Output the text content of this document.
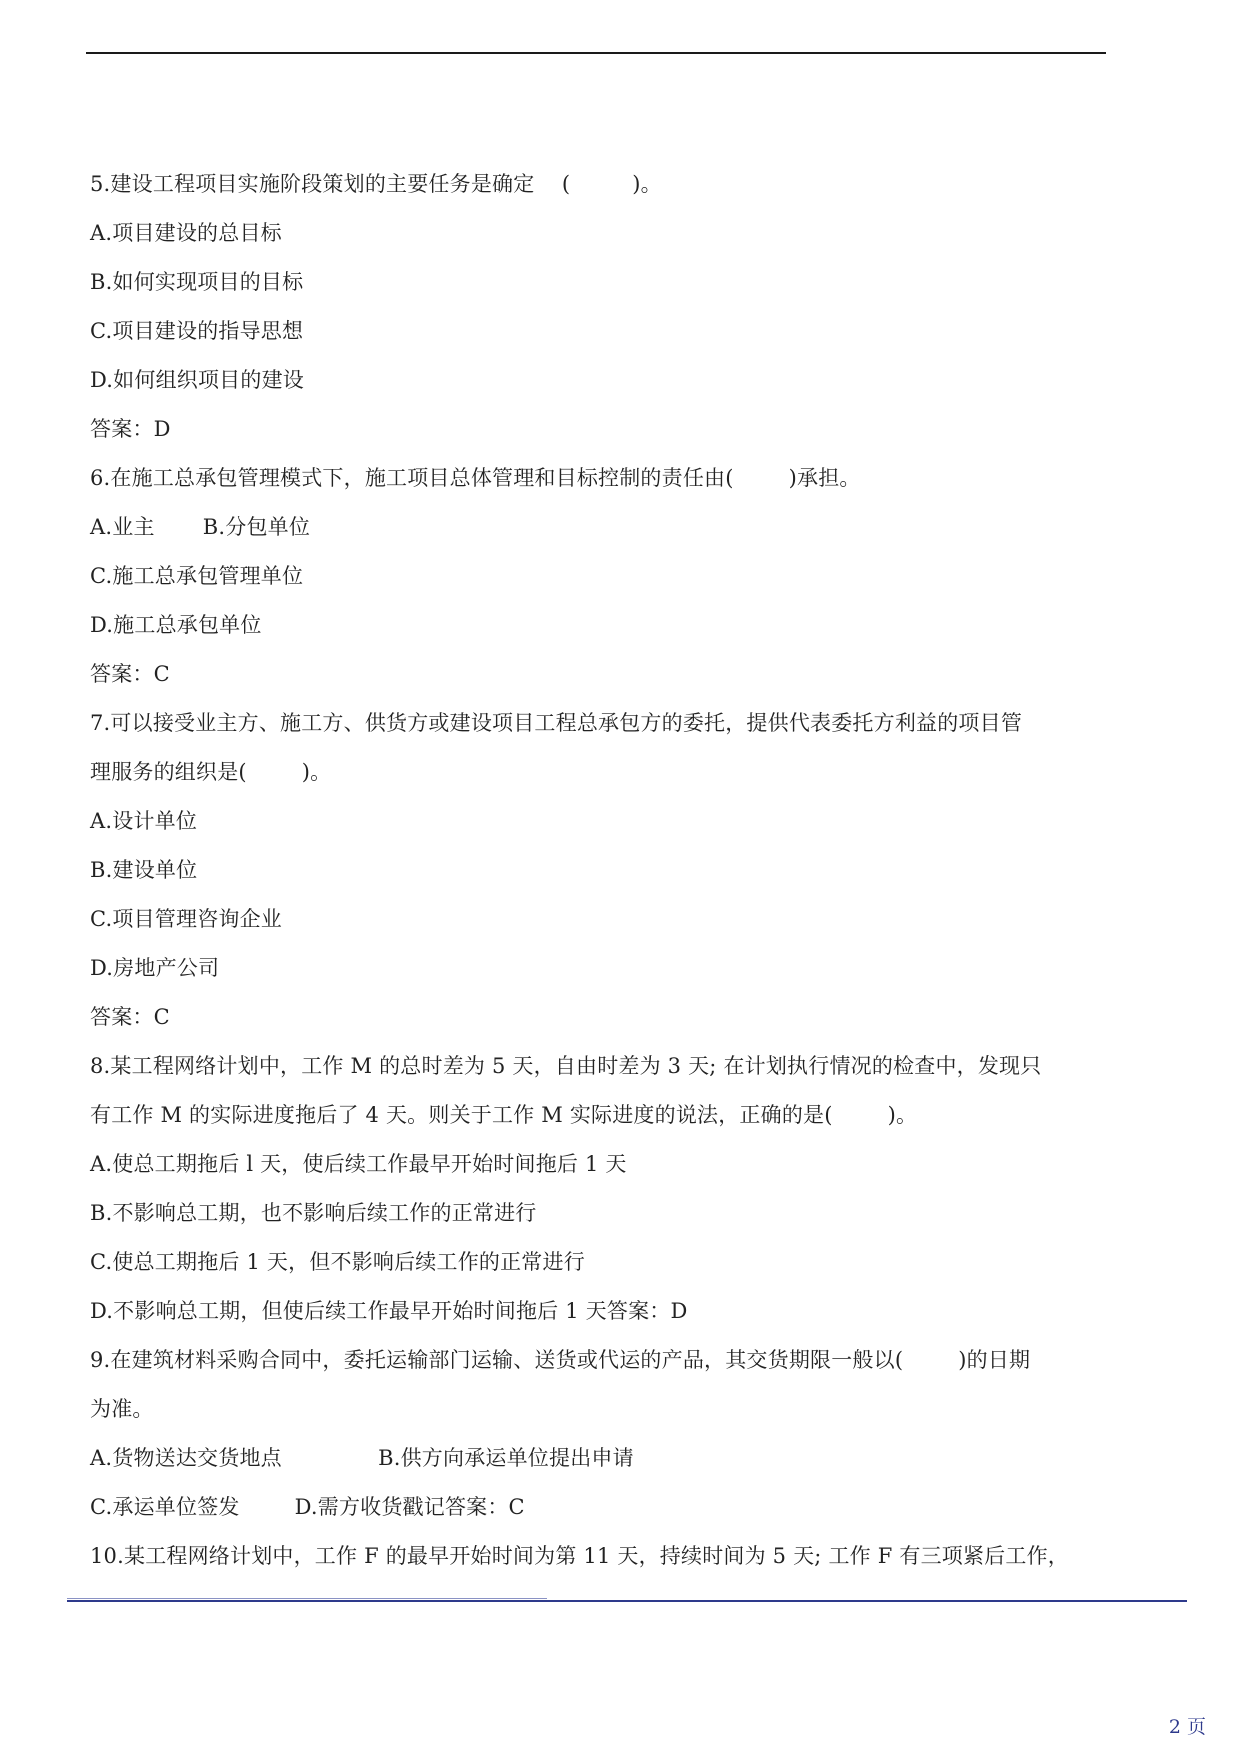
5.建设工程项目实施阶段策划的主要任务是确定    (         )。
A.项目建设的总目标
B.如何实现项目的目标
C.项目建设的指导思想
D.如何组织项目的建设
答案：D
6.在施工总承包管理模式下，施工项目总体管理和目标控制的责任由(        )承担。
A.业主       B.分包单位
C.施工总承包管理单位
D.施工总承包单位
答案：C
7.可以接受业主方、施工方、供货方或建设项目工程总承包方的委托，提供代表委托方利益的项目管
理服务的组织是(        )。
A.设计单位
B.建设单位
C.项目管理咨询企业
D.房地产公司
答案：C
8.某工程网络计划中，工作 M 的总时差为 5 天，自由时差为 3 天; 在计划执行情况的检查中，发现只
有工作 M 的实际进度拖后了 4 天。则关于工作 M 实际进度的说法，正确的是(        )。
A.使总工期拖后 l 天，使后续工作最早开始时间拖后 1 天
B.不影响总工期，也不影响后续工作的正常进行
C.使总工期拖后 1 天，但不影响后续工作的正常进行
D.不影响总工期，但使后续工作最早开始时间拖后 1 天答案：D
9.在建筑材料采购合同中，委托运输部门运输、送货或代运的产品，其交货期限一般以(        )的日期
为准。
A.货物送达交货地点              B.供方向承运单位提出申请
C.承运单位签发        D.需方收货戳记答案：C
10.某工程网络计划中，工作 F 的最早开始时间为第 11 天，持续时间为 5 天; 工作 F 有三项紧后工作，
2 页
